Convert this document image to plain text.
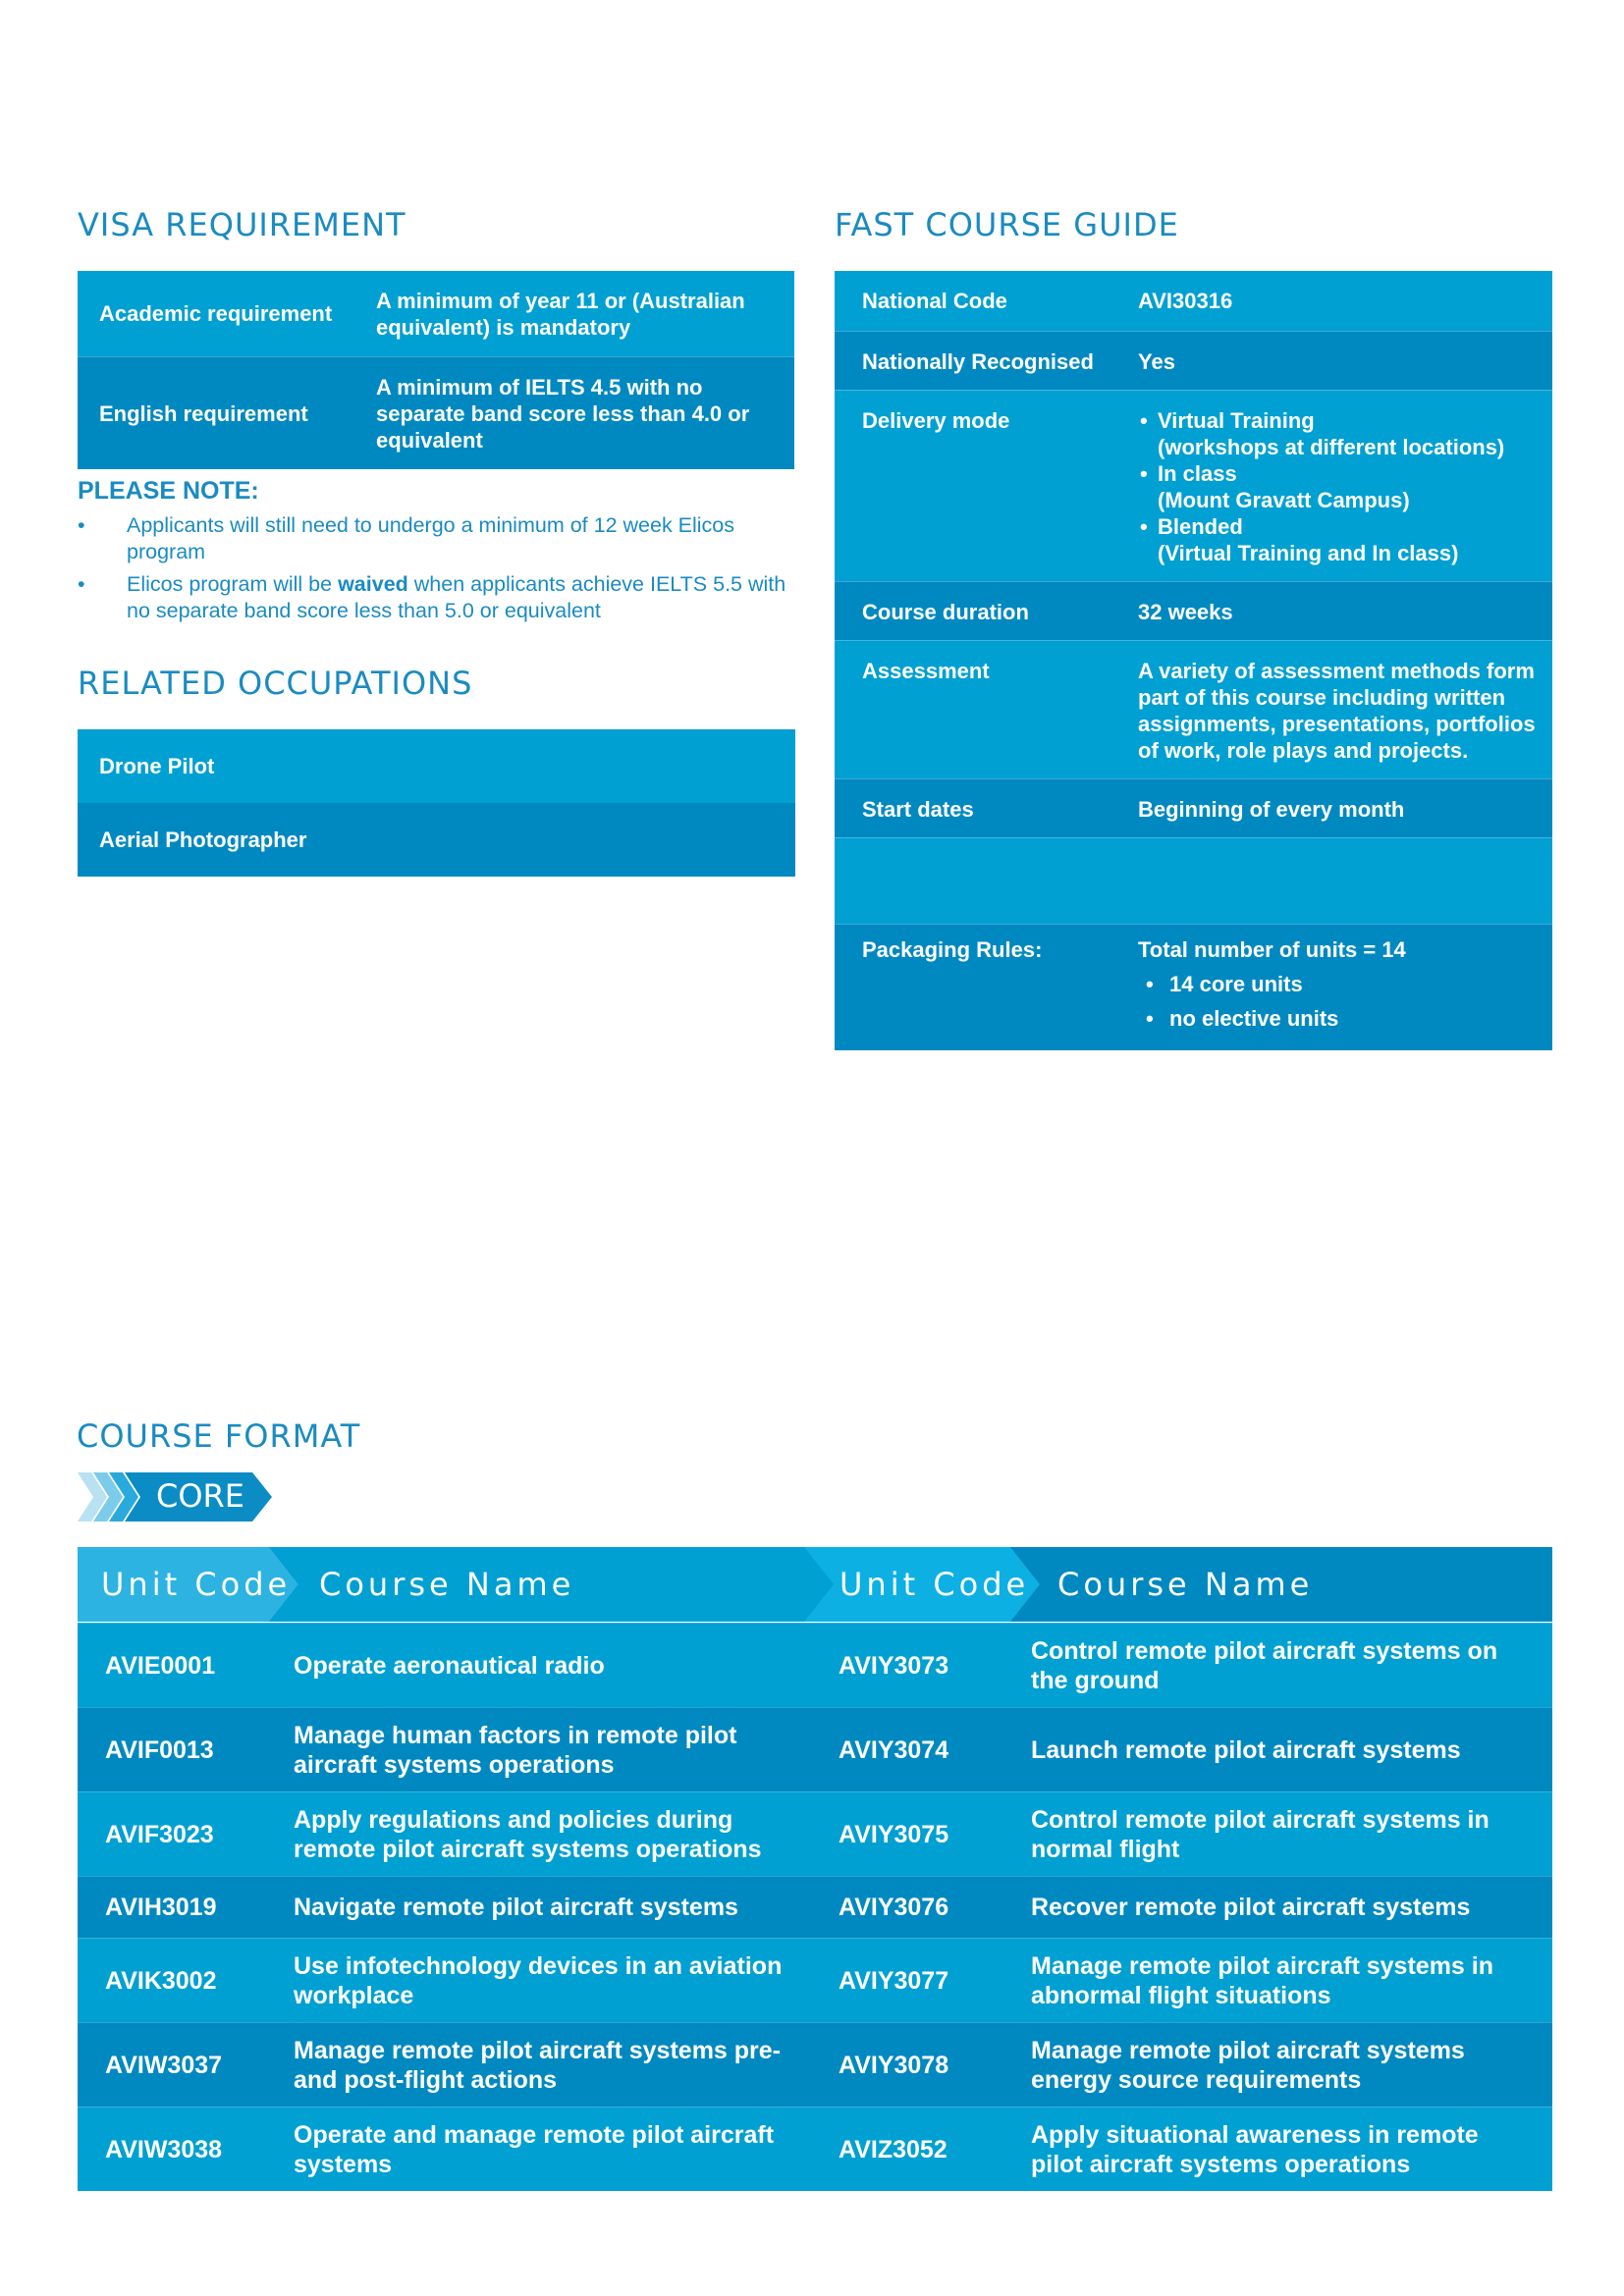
VISA REQUIREMENT
Academic requirement
A minimum of year 11 or (Australian equivalent) is mandatory
English requirement
A minimum of IELTS 4.5 with no separate band score less than 4.0 or equivalent
PLEASE NOTE:
• Applicants will still need to undergo a minimum of 12 week Elicos program
• Elicos program will be waived when applicants achieve IELTS 5.5 with no separate band score less than 5.0 or equivalent
RELATED OCCUPATIONS
Drone Pilot
Aerial Photographer
FAST COURSE GUIDE
National Code	AVI30316
Nationally Recognised	Yes
Delivery mode
•	Virtual Training
(workshops at different locations)
• In class
(Mount Gravatt Campus)
• Blended
(Virtual Training and In class)
Course duration	32 weeks
Assessment	A variety of assessment methods form part of this course including written assignments, presentations, portfolios of work, role plays and projects.
Start dates	Beginning of every month
Packaging Rules:	Total number of units = 14
• 14 core units
• no elective units
COURSE FORMAT
CORE
Unit Code Course Name	Unit Code Course Name
AVIE0001	Operate aeronautical radio	AVIY3073
Control remote pilot aircraft systems on the ground
AVIF0013
Manage human factors in remote pilot aircraft systems operations
AVIY3074	Launch remote pilot aircraft systems
AVIF3023
Apply regulations and policies during remote pilot aircraft systems operations
AVIY3075
Control remote pilot aircraft systems in normal flight
AVIH3019	Navigate remote pilot aircraft systems	AVIY3076	Recover remote pilot aircraft systems
AVIK3002
Use infotechnology devices in an aviation workplace
AVIY3077
Manage remote pilot aircraft systems in abnormal flight situations
AVIW3037
Manage remote pilot aircraft systems pre- and post-flight actions
AVIY3078
Manage remote pilot aircraft systems energy source requirements
AVIW3038
Operate and manage remote pilot aircraft systems
AVIZ3052
Apply situational awareness in remote pilot aircraft systems operations
